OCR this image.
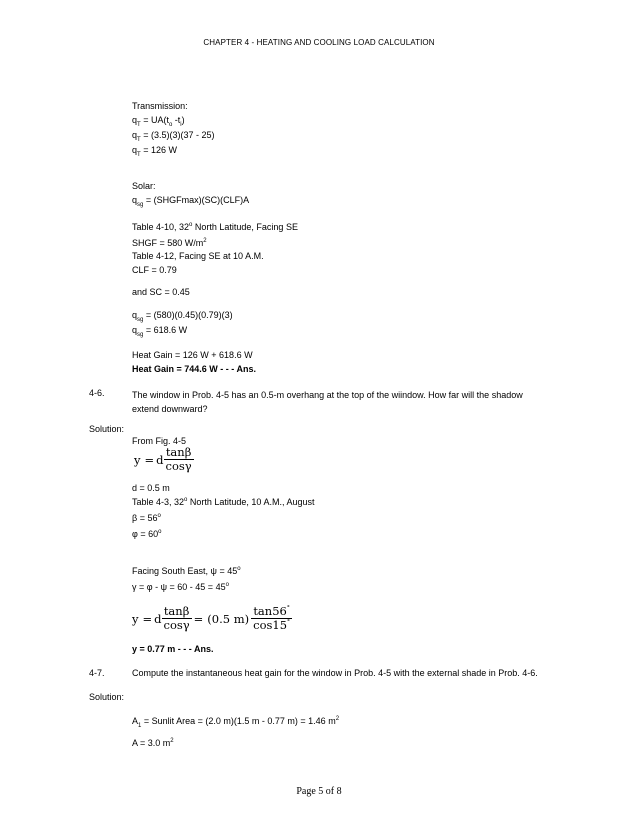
CHAPTER 4 - HEATING AND COOLING LOAD CALCULATION
Transmission:
$q_T = UA(t_o$ $-t_i$)
$q_T = (3.5)(3)(37 - 25)$
$q_T = 126$ W
Solar:
$q_{sg}$ = (SHGFmax)(SC)(CLF)A
Table 4-10, 32$^o$ North Latitude, Facing SE
SHGF = 580 $W/m^2$
Table 4-12, Facing SE at 10 A.M.
CLF = 0.79
and SC = 0.45
$q_{sg} = (580)(0.45)(0.79)(3)$
$q_{sg} = 618.6$ W
Heat Gain = 126 W + 618.6 W
Heat Gain = 744.6 W - - - Ans.
4-6.	The window in Prob. 4-5 has an 0.5-m overhang at the top of the wiindow. How far will the shadow extend downward?
Solution:
From Fig. 4-5
y = d $\frac{\tan\beta}{\cos\gamma}$
d = 0.5 m
Table 4-3, 32$^o$ North Latitude, 10 A.M., August
$\beta = 56^o$
$\varphi = 60^o$
Facing South East, $\psi = 45^o$
$\gamma = \varphi - \psi = 60 - 45 = 45^o$
y = d $\frac{\tan\beta}{\cos\gamma} = (0.5$ $m) \frac{\tan 56^\circ}{\cos 15^\circ}$
y = 0.77 m - - - Ans.
4-7.	Compute the instantaneous heat gain for the window in Prob. 4-5 with the external shade in Prob. 4-6.
Solution:
$A_1$ = Sunlit Area = (2.0 m)(1.5 m - 0.77 m) = 1.46 $m^2$
A = 3.0 $m^2$
Page 5 of 8
